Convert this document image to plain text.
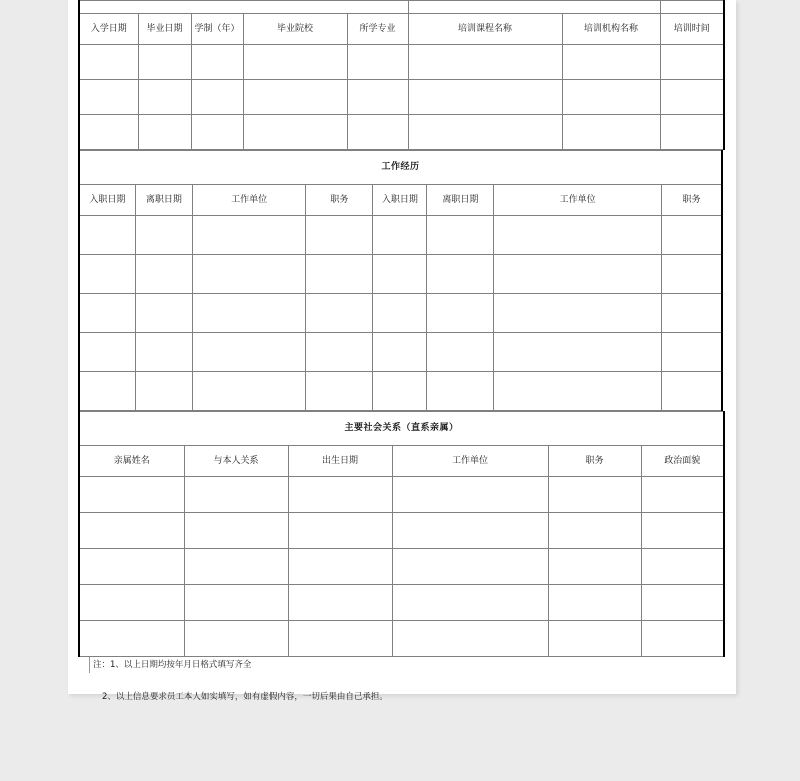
入学日期	毕业日期	学制（年）	毕业院校	所学专业	培训课程名称	培训机构名称	培训时间

工作经历							
入职日期	离职日期	工作单位	职务	入职日期	离职日期	工作单位	职务

主要社会关系（直系亲属）					
亲属姓名	与本人关系	出生日期	工作单位	职务	政治面貌

注：1、以上日期均按年月日格式填写齐全
2、以上信息要求员工本人如实填写，如有虚假内容，一切后果由自己承担。
